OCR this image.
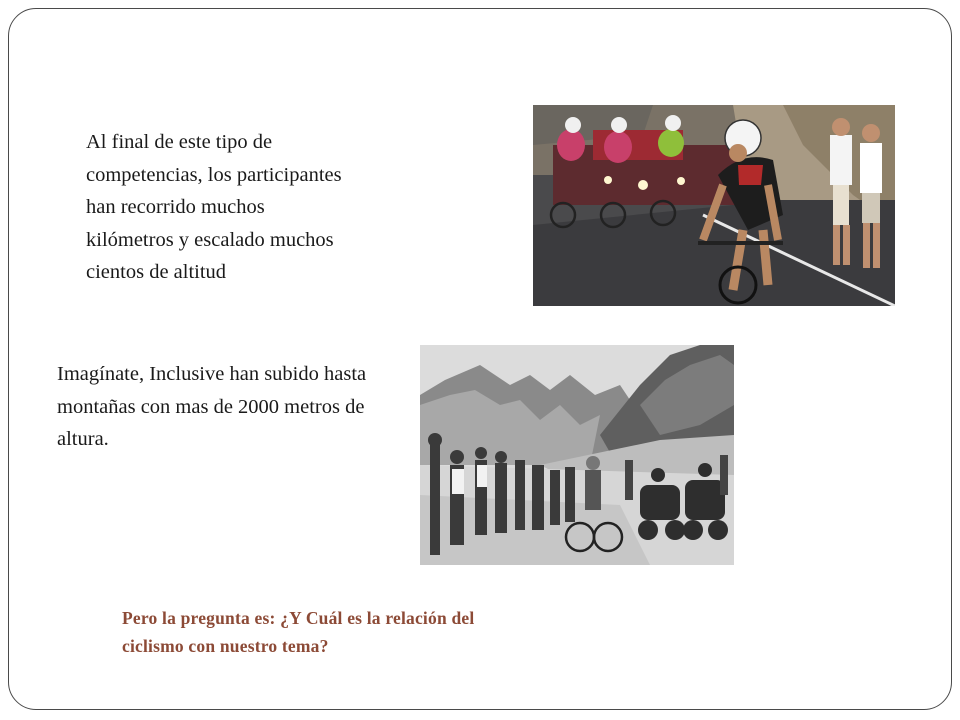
Al final de este tipo de
competencias, los participantes
han recorrido muchos
kilómetros y escalado muchos
cientos de altitud
Imagínate, Inclusive han subido hasta
montañas con mas de 2000 metros de
altura.
Pero la pregunta es: ¿Y Cuál es la relación del
ciclismo con nuestro tema?
